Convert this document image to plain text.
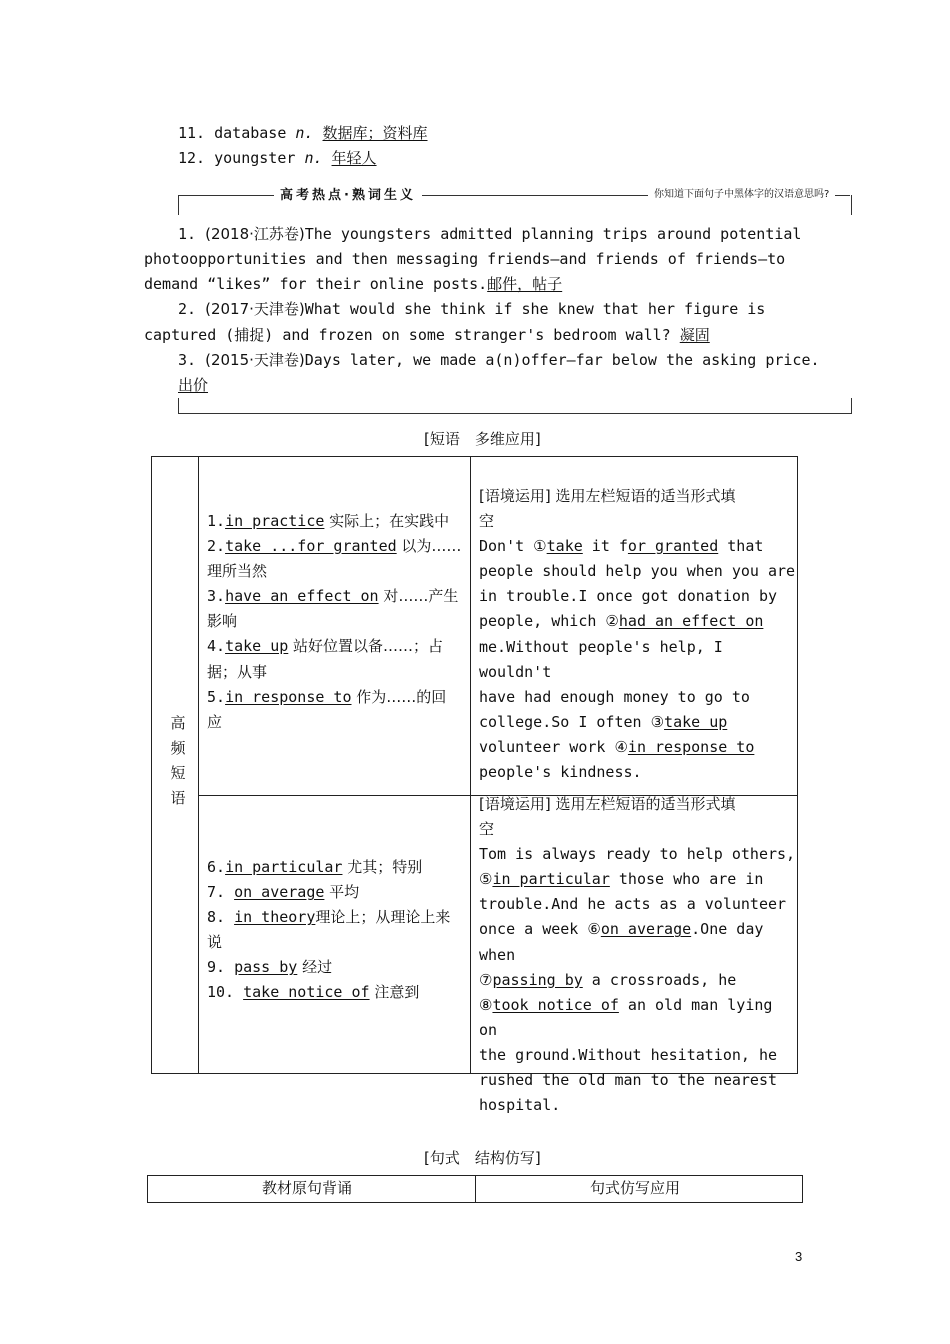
11. database n. 数据库；资料库
12. youngster n. 年轻人
高考热点·熟词生义	你知道下面句子中黑体字的汉语意思吗?
1. (2018·江苏卷)The youngsters admitted planning trips around potential
photoopportunities and then messaging friends—and friends of friends—to
demand “likes” for their online posts.邮件，帖子
2. (2017·天津卷)What would she think if she knew that her figure is
captured (捕捉) and frozen on some stranger's bedroom wall? 凝固
3. (2015·天津卷)Days later, we made a(n)offer—far below the asking price.
出价
[短语　多维应用]
高
频
短
语
1.in practice 实际上；在实践中
2.take ...for granted 以为……
理所当然
3.have an effect on 对……产生
影响
4.take up 站好位置以备……；占
据；从事
5.in response to 作为……的回
应
[语境运用] 选用左栏短语的适当形式填
空
Don't ①take it for granted that
people should help you when you are
in trouble.I once got donation by
people, which ②had an effect on
me.Without people's help, I wouldn't
have had enough money to go to
college.So I often ③take up
volunteer work ④in response to
people's kindness.
6.in particular 尤其；特别
7. on average 平均
8. in theory理论上；从理论上来
说
9. pass by 经过
10. take notice of 注意到
[语境运用] 选用左栏短语的适当形式填
空
Tom is always ready to help others,
⑤in particular those who are in
trouble.And he acts as a volunteer
once a week ⑥on average.One day when
⑦passing by a crossroads, he
⑧took notice of an old man lying on
the ground.Without hesitation, he
rushed the old man to the nearest
hospital.
[句式　结构仿写]
教材原句背诵	句式仿写应用
3
